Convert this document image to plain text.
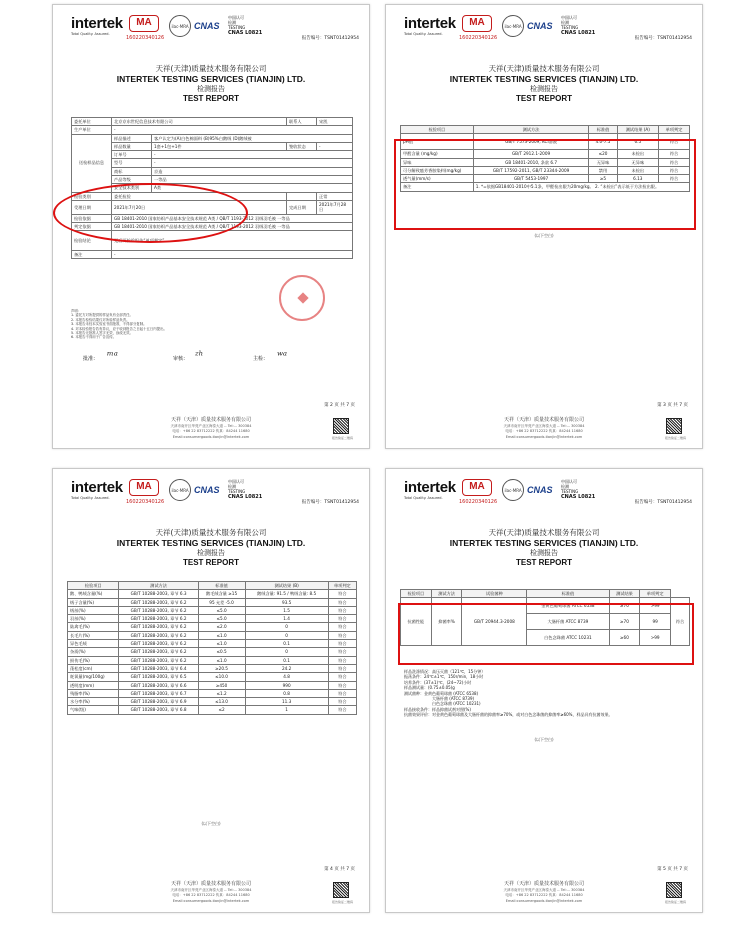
intertek
Total Quality. Assured.
MA
160220340126
ilac-MRA CNAS
中国认可
检测
TESTING
CNAS L0821
报告编号：TSNT01412954
天祥(天津)质量技术服务有限公司
INTERTEK TESTING SERVICES (TIANJIN) LTD.
检测报告
TEST REPORT
委托单位	北京京东世纪信息技术有限公司		联系人	宋凯
生产单位	-			
送检样品信息	样品描述	客户认定为(A)白色棉面料 (B)95%白鹅绒 (D)鹅绒被		
	样品数量	1套+1包+1件	签收状态	-
	订单号	-		
	型号	-		
	商标	京造		
	产品等级	一等品		
	安全技术类别	A类		
检验类别	委托检验			正常
受理日期	2021年7月20日		完成日期	2021年7月28日
检验依据	GB 18401-2010 国家纺织产品基本安全技术规范 A类 / QB/T 1193-2012 羽绒羽毛被 一等品			
判定依据	GB 18401-2010 国家纺织产品基本安全技术规范 A类 / QB/T 1193-2012 羽绒羽毛被 一等品			
检验结论	见后页检验报告“单项判定”			
备注	-			
声明：
1. 委托方对所提供的样品负有全部责任。
2. 本报告检验结果仅对所检样品负责。
3. 本报告未经本实验室书面批准，不得部分复制。
4. 对本检验报告若有异议，应于收到报告之日起十五日内提出。
5. 本报告无批准人签字无效，涂改无效。
6. 本报告不得用于广告宣传。
批准： ᵐᵃ	审核： ᶻʰ	主检： ʷᵃ
第 2 页 共 7 页
天祥（天津）质量技术服务有限公司
天津市南开区华苑产业区海泰大道 -- Tel:... 300384
电话：+86 22 83712222 传真：84244 11680
Email:consumergoods.tianjin@intertek.com	报告验证二维码
intertek
Total Quality. Assured.
MA
160220340126
ilac-MRA CNAS
中国认可
检测
TESTING
CNAS L0821
报告编号：TSNT01412954
天祥(天津)质量技术服务有限公司
INTERTEK TESTING SERVICES (TIANJIN) LTD.
检测报告
TEST REPORT
检验项目	测试方法	标准值	测试结果 (A)	单项判定
pH值	GB/T 7573-2009, KCl溶液	4.0-7.5	6.5	符合
甲醛含量 (mg/kg)	GB/T 2912.1-2009	≤20	未检出	符合
异味	GB 18401-2010, 条款 6.7	无异味	无异味	符合
可分解致癌芳香胺染料(mg/kg)	GB/T 17592-2011, GB/T 23344-2009	禁用	未检出	符合
透气量(mm/s)	GB/T 5453-1997	≥5	6.13	符合
备注	1. *=依据GB18401-2010中5.1条，甲醛检出限为20mg/kg。 2. “未检出”表示低于方法检出限。			
(以下空白)
第 3 页 共 7 页
天祥（天津）质量技术服务有限公司
天津市南开区华苑产业区海泰大道 -- Tel:... 300384
电话：+86 22 83712222 传真：84244 11680
Email:consumergoods.tianjin@intertek.com	报告验证二维码
intertek
Total Quality. Assured.
MA
160220340126
ilac-MRA CNAS
中国认可
检测
TESTING
CNAS L0821
报告编号：TSNT01412954
天祥(天津)质量技术服务有限公司
INTERTEK TESTING SERVICES (TIANJIN) LTD.
检测报告
TEST REPORT
检验项目	测试方法	标准值	测试结果 (B)	单项判定
鹅、鸭绒含量(%)	GB/T 10288-2003, 章节 6.3	鹅毛绒含量 ≥15	鹅绒含量: 91.5 / 鸭绒含量: 8.5	符合
绒子含量(%)	GB/T 10288-2003, 章节 6.2	95 允差 -5.0	93.5	符合
绒丝(%)	GB/T 10288-2003, 章节 6.2	≤5.0	1.5	符合
羽丝(%)	GB/T 10288-2003, 章节 6.2	≤5.0	1.4	符合
陆禽毛(%)	GB/T 10288-2003, 章节 6.2	≤2.0	0	符合
长毛片(%)	GB/T 10288-2003, 章节 6.2	≤1.0	0	符合
异色毛绒	GB/T 10288-2003, 章节 6.2	≤1.0	0.1	符合
杂质(%)	GB/T 10288-2003, 章节 6.2	≤0.5	0	符合
损伤毛(%)	GB/T 10288-2003, 章节 6.2	≤1.0	0.1	符合
蓬松度(cm)	GB/T 10288-2003, 章节 6.4	≥20.5	24.2	符合
耗氧量(mg/100g)	GB/T 10288-2003, 章节 6.5	≤10.0	4.8	符合
透明度(mm)	GB/T 10288-2003, 章节 6.6	≥450	990	符合
残脂率(%)	GB/T 10288-2003, 章节 6.7	≤1.2	0.8	符合
水分率(%)	GB/T 10288-2003, 章节 6.9	≤13.0	11.3	符合
气味(级)	GB/T 10288-2003, 章节 6.8	≤2	1	符合
(以下空白)
第 4 页 共 7 页
天祥（天津）质量技术服务有限公司
天津市南开区华苑产业区海泰大道 -- Tel:... 300384
电话：+86 22 83712222 传真：84244 11680
Email:consumergoods.tianjin@intertek.com	报告验证二维码
intertek
Total Quality. Assured.
MA
160220340126
ilac-MRA CNAS
中国认可
检测
TESTING
CNAS L0821
报告编号：TSNT01412954
天祥(天津)质量技术服务有限公司
INTERTEK TESTING SERVICES (TIANJIN) LTD.
检测报告
TEST REPORT
检验项目	测试方法	试验菌种	标准值	测试结果	单项判定	
抗菌性能	抑菌率%	GB/T 20944.3-2008	金黄色葡萄球菌 ATCC 6538	≥70	>99	符合
			大肠杆菌 ATCC 8739	≥70	99	
			白色念珠菌 ATCC 10231	≥60	>99	
样品洗涤情况：高压灭菌（121℃，15分钟）
振荡条件：24℃±1℃，150r/min，18小时
培养条件：(37±1)℃，(24~72)小时
样品测试量：(0.75±0.05)g
测试菌种：金黄色葡萄球菌 (ATCC 6538)
大肠杆菌 (ATCC 8739)
白色念珠菌 (ATCC 10231)
样品接收条件：样品抑菌试剂对照(%)
抗菌效果评价：对金黄色葡萄球菌及大肠杆菌的抑菌率≥70%，或对白色念珠菌的抑菌率≥60%，样品具有抗菌效果。
(以下空白)
第 5 页 共 7 页
天祥（天津）质量技术服务有限公司
天津市南开区华苑产业区海泰大道 -- Tel:... 300384
电话：+86 22 83712222 传真：84244 11680
Email:consumergoods.tianjin@intertek.com	报告验证二维码
